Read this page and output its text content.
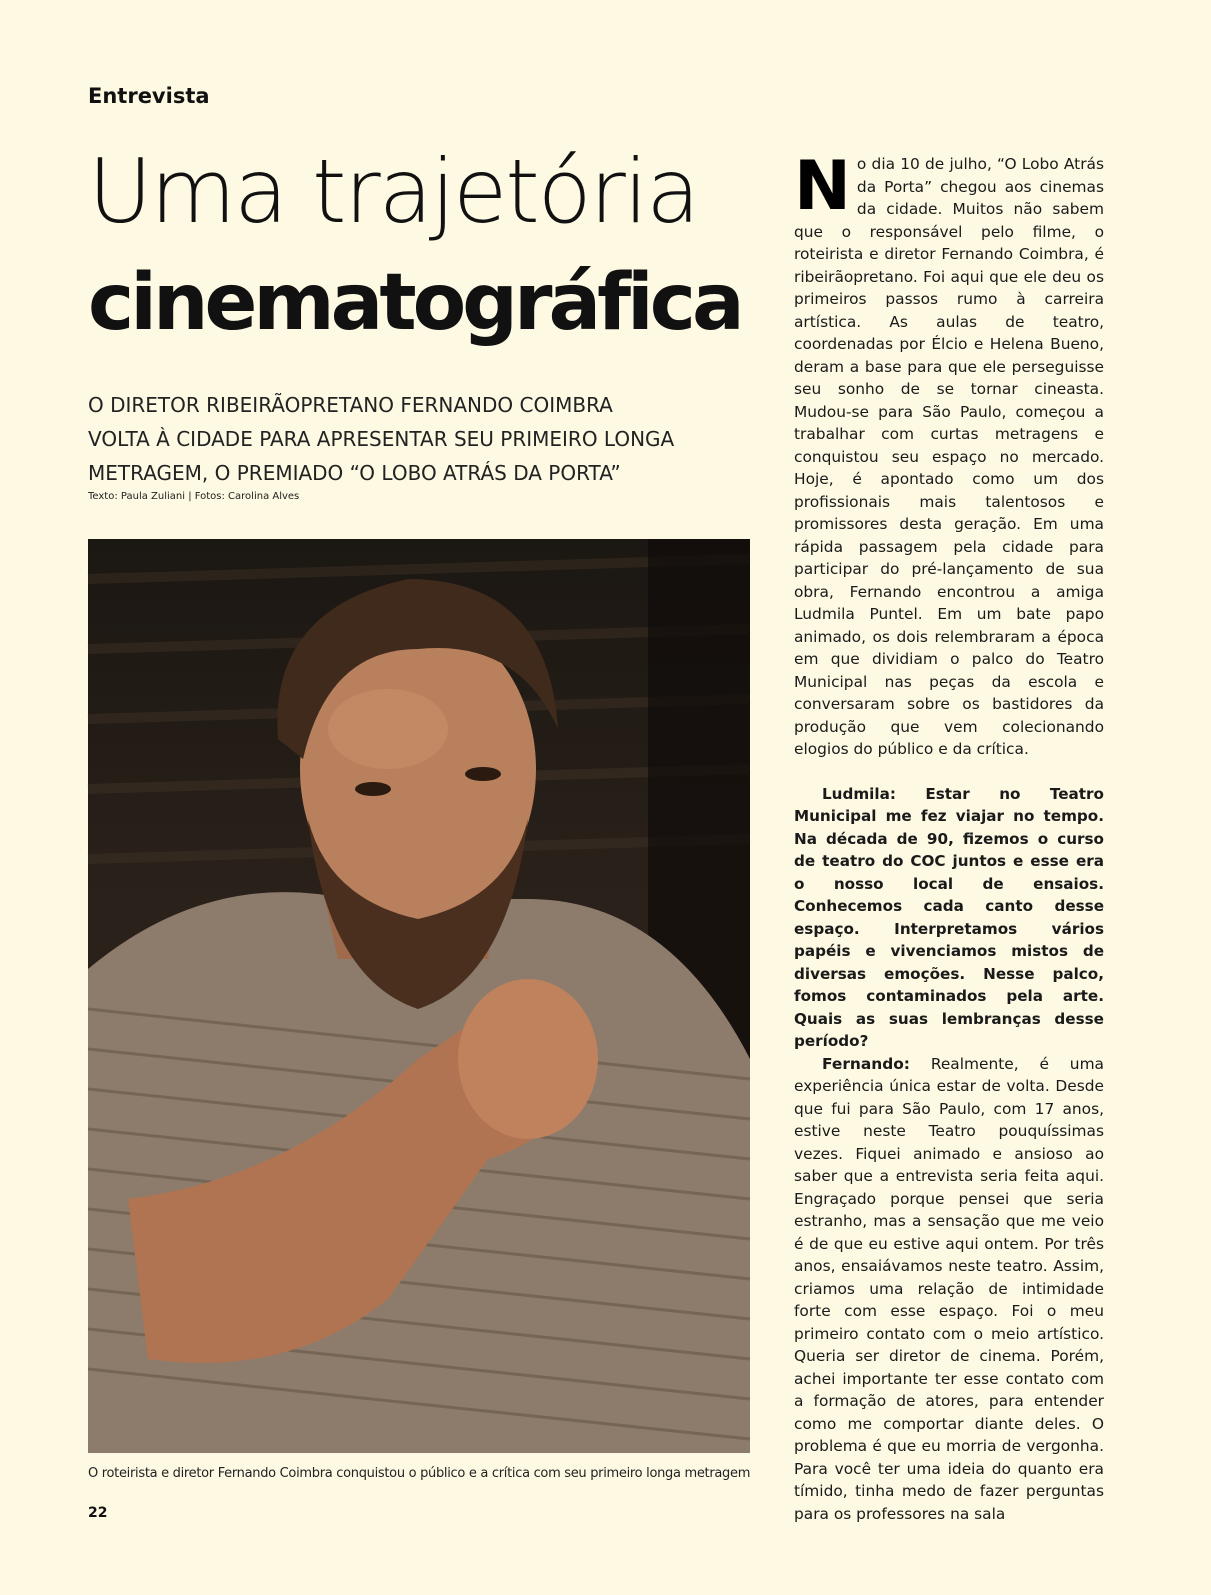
Entrevista
Uma trajetória
cinematográfica
O DIRETOR RIBEIRÃOPRETANO FERNANDO COIMBRA
VOLTA À CIDADE PARA APRESENTAR SEU PRIMEIRO LONGA
METRAGEM, O PREMIADO “O LOBO ATRÁS DA PORTA”
Texto: Paula Zuliani | Fotos: Carolina Alves
O roteirista e diretor Fernando Coimbra conquistou o público e a crítica com seu primeiro longa metragem
22

No dia 10 de julho, “O Lobo Atrás da Porta” chegou aos cinemas da cidade. Muitos não sabem que o responsável pelo filme, o roteirista e diretor Fernando Coimbra, é ribeirãopretano. Foi aqui que ele deu os primeiros passos rumo à carreira artística. As aulas de teatro, coordenadas por Élcio e Helena Bueno, deram a base para que ele perseguisse seu sonho de se tornar cineasta. Mudou-se para São Paulo, começou a trabalhar com curtas metragens e conquistou seu espaço no mercado. Hoje, é apontado como um dos profissionais mais talentosos e promissores desta geração. Em uma rápida passagem pela cidade para participar do pré-lançamento de sua obra, Fernando encontrou a amiga Ludmila Puntel. Em um bate papo animado, os dois relembraram a época em que dividiam o palco do Teatro Municipal nas peças da escola e conversaram sobre os bastidores da produção que vem colecionando elogios do público e da crítica.

Ludmila: Estar no Teatro Municipal me fez viajar no tempo. Na década de 90, fizemos o curso de teatro do COC juntos e esse era o nosso local de ensaios. Conhecemos cada canto desse espaço. Interpretamos vários papéis e vivenciamos mistos de diversas emoções. Nesse palco, fomos contaminados pela arte. Quais as suas lembranças desse período?

Fernando: Realmente, é uma experiência única estar de volta. Desde que fui para São Paulo, com 17 anos, estive neste Teatro pouquíssimas vezes. Fiquei animado e ansioso ao saber que a entrevista seria feita aqui. Engraçado porque pensei que seria estranho, mas a sensação que me veio é de que eu estive aqui ontem. Por três anos, ensaiávamos neste teatro. Assim, criamos uma relação de intimidade forte com esse espaço. Foi o meu primeiro contato com o meio artístico. Queria ser diretor de cinema. Porém, achei importante ter esse contato com a formação de atores, para entender como me comportar diante deles. O problema é que eu morria de vergonha. Para você ter uma ideia do quanto era tímido, tinha medo de fazer perguntas para os professores na sala
